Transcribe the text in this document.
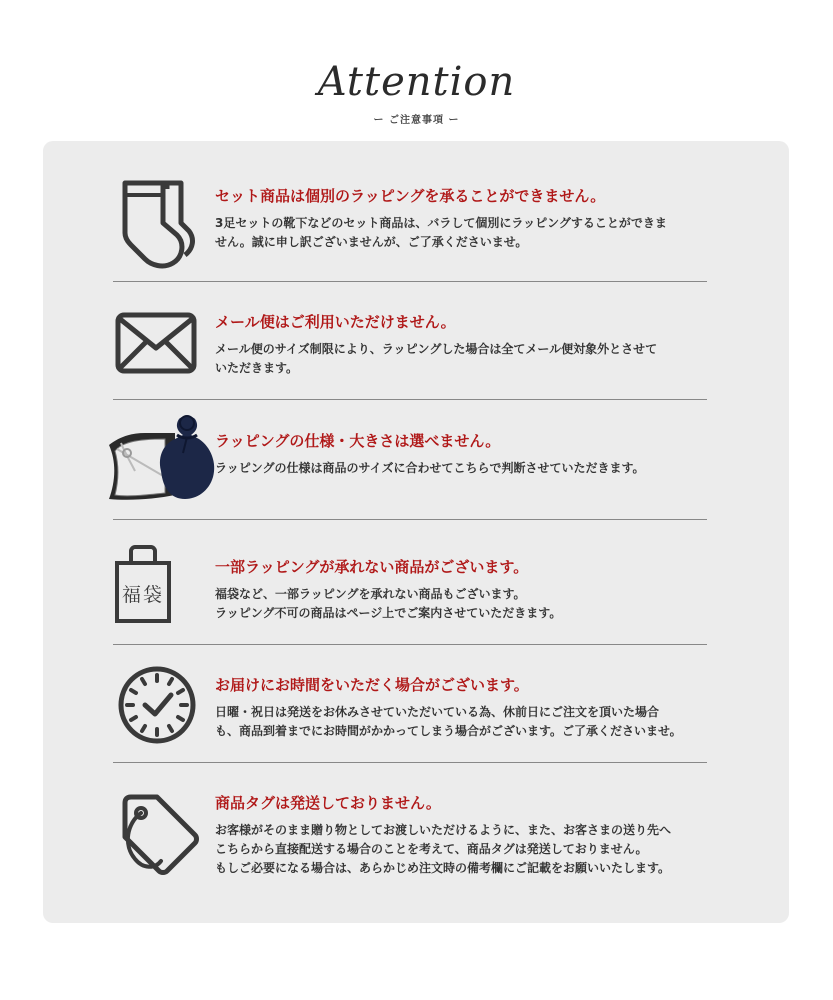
Attention
ー ご注意事項 ー
セット商品は個別のラッピングを承ることができません。
3足セットの靴下などのセット商品は、バラして個別にラッピングすることができま
せん。誠に申し訳ございませんが、ご了承くださいませ。
メール便はご利用いただけません。
メール便のサイズ制限により、ラッピングした場合は全てメール便対象外とさせて
いただきます。
ラッピングの仕様・大きさは選べません。
ラッピングの仕様は商品のサイズに合わせてこちらで判断させていただきます。
福袋
一部ラッピングが承れない商品がございます。
福袋など、一部ラッピングを承れない商品もございます。
ラッピング不可の商品はページ上でご案内させていただきます。
お届けにお時間をいただく場合がございます。
日曜・祝日は発送をお休みさせていただいている為、休前日にご注文を頂いた場合
も、商品到着までにお時間がかかってしまう場合がございます。ご了承くださいませ。
商品タグは発送しておりません。
お客様がそのまま贈り物としてお渡しいただけるように、また、お客さまの送り先へ
こちらから直接配送する場合のことを考えて、商品タグは発送しておりません。
もしご必要になる場合は、あらかじめ注文時の備考欄にご記載をお願いいたします。
